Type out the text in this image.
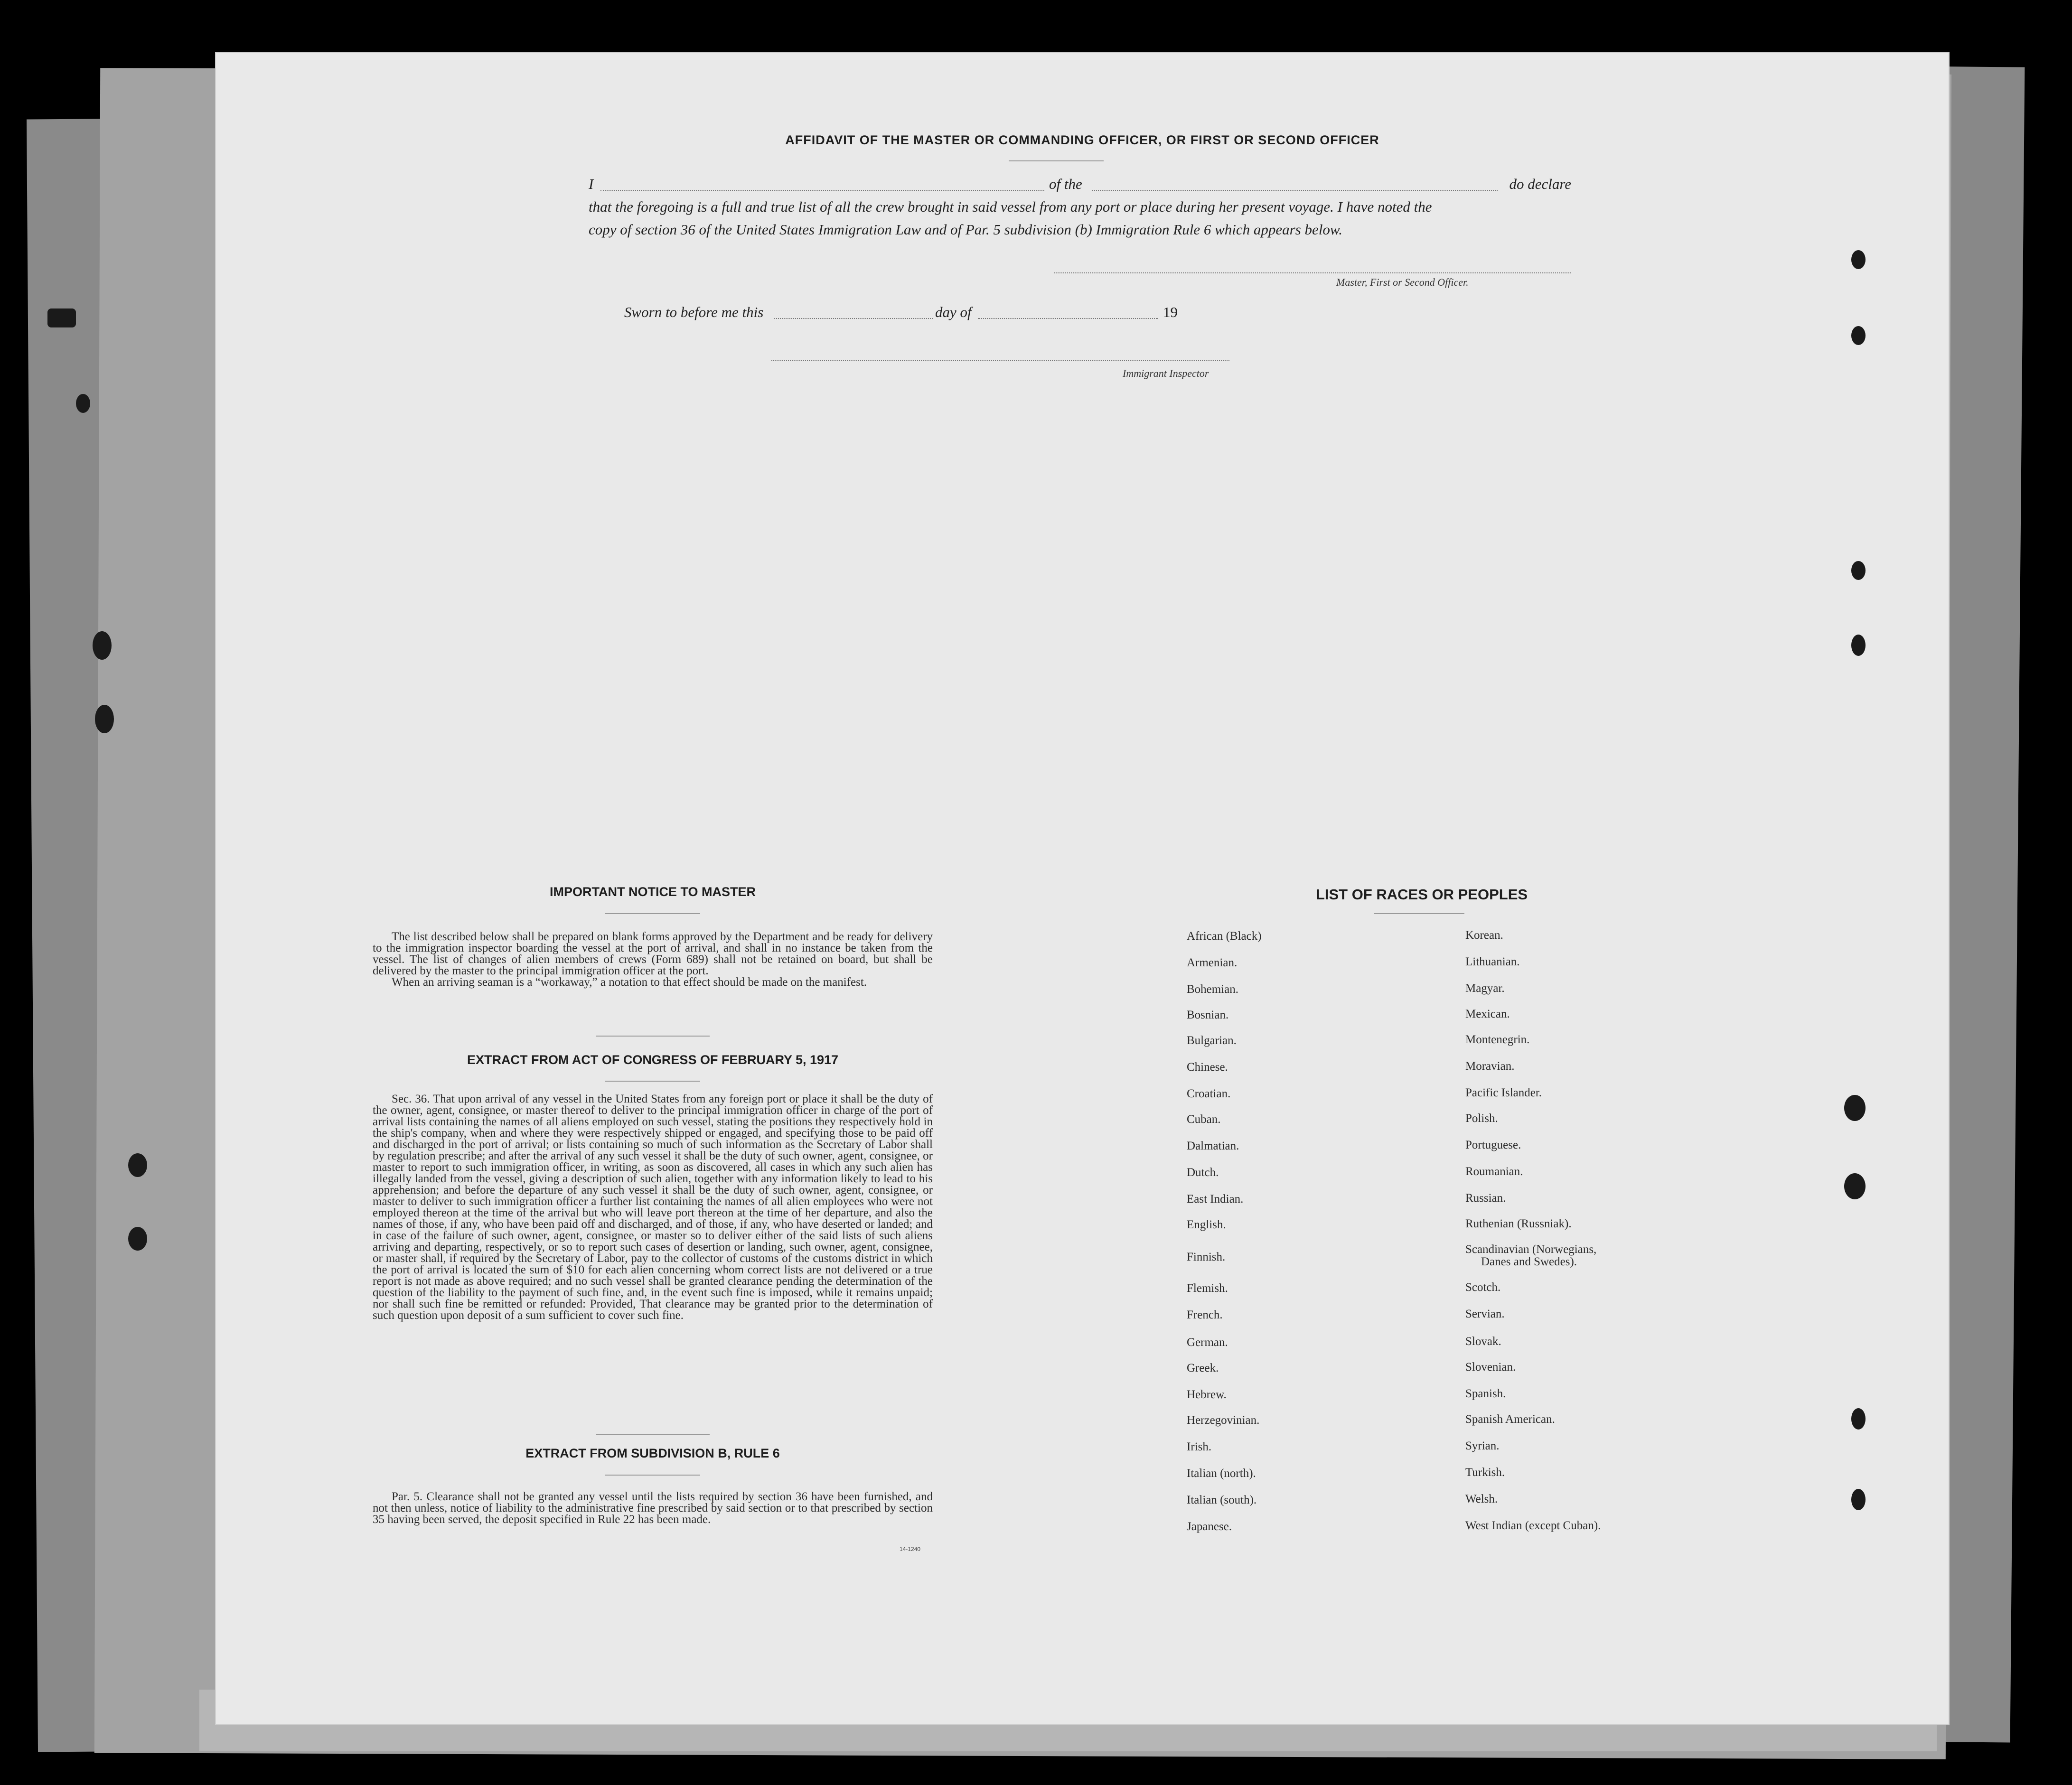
AFFIDAVIT OF THE MASTER OR COMMANDING OFFICER, OR FIRST OR SECOND OFFICER
I	of the	do declare
that the foregoing is a full and true list of all the crew brought in said vessel from any port or place during her present voyage. I have noted the
copy of section 36 of the United States Immigration Law and of Par. 5 subdivision (b) Immigration Rule 6 which appears below.
Master, First or Second Officer.
Sworn to before me this	day of	19
Immigrant Inspector
IMPORTANT NOTICE TO MASTER

The list described below shall be prepared on blank forms approved by the Department and be ready for delivery to the immigration inspector boarding the vessel at the port of arrival, and shall in no instance be taken from the vessel. The list of changes of alien members of crews (Form 689) shall not be retained on board, but shall be delivered by the master to the principal immigration officer at the port.

When an arriving seaman is a “workaway,” a notation to that effect should be made on the manifest.

EXTRACT FROM ACT OF CONGRESS OF FEBRUARY 5, 1917

Sec. 36. That upon arrival of any vessel in the United States from any foreign port or place it shall be the duty of the owner, agent, consignee, or master thereof to deliver to the principal immigration officer in charge of the port of arrival lists containing the names of all aliens employed on such vessel, stating the positions they respectively hold in the ship's company, when and where they were respectively shipped or engaged, and specifying those to be paid off and discharged in the port of arrival; or lists containing so much of such information as the Secretary of Labor shall by regulation prescribe; and after the arrival of any such vessel it shall be the duty of such owner, agent, consignee, or master to report to such immigration officer, in writing, as soon as discovered, all cases in which any such alien has illegally landed from the vessel, giving a description of such alien, together with any information likely to lead to his apprehension; and before the departure of any such vessel it shall be the duty of such owner, agent, consignee, or master to deliver to such immigration officer a further list containing the names of all alien employees who were not employed thereon at the time of the arrival but who will leave port thereon at the time of her departure, and also the names of those, if any, who have been paid off and discharged, and of those, if any, who have deserted or landed; and in case of the failure of such owner, agent, consignee, or master so to deliver either of the said lists of such aliens arriving and departing, respectively, or so to report such cases of desertion or landing, such owner, agent, consignee, or master shall, if required by the Secretary of Labor, pay to the collector of customs of the customs district in which the port of arrival is located the sum of $10 for each alien concerning whom correct lists are not delivered or a true report is not made as above required; and no such vessel shall be granted clearance pending the determination of the question of the liability to the payment of such fine, and, in the event such fine is imposed, while it remains unpaid; nor shall such fine be remitted or refunded: Provided, That clearance may be granted prior to the determination of such question upon deposit of a sum sufficient to cover such fine.

EXTRACT FROM SUBDIVISION B, RULE 6

Par. 5. Clearance shall not be granted any vessel until the lists required by section 36 have been furnished, and not then unless, notice of liability to the administrative fine prescribed by said section or to that prescribed by section 35 having been served, the deposit specified in Rule 22 has been made.

14-1240
LIST OF RACES OR PEOPLES
African (Black)
Armenian.
Bohemian.
Bosnian.
Bulgarian.
Chinese.
Croatian.
Cuban.
Dalmatian.
Dutch.
East Indian.
English.
Finnish.
Flemish.
French.
German.
Greek.
Hebrew.
Herzegovinian.
Irish.
Italian (north).
Italian (south).
Japanese.
Korean.
Lithuanian.
Magyar.
Mexican.
Montenegrin.
Moravian.
Pacific Islander.
Polish.
Portuguese.
Roumanian.
Russian.
Ruthenian (Russniak).
Scandinavian (Norwegians,
Danes and Swedes).
Scotch.
Servian.
Slovak.
Slovenian.
Spanish.
Spanish American.
Syrian.
Turkish.
Welsh.
West Indian (except Cuban).
